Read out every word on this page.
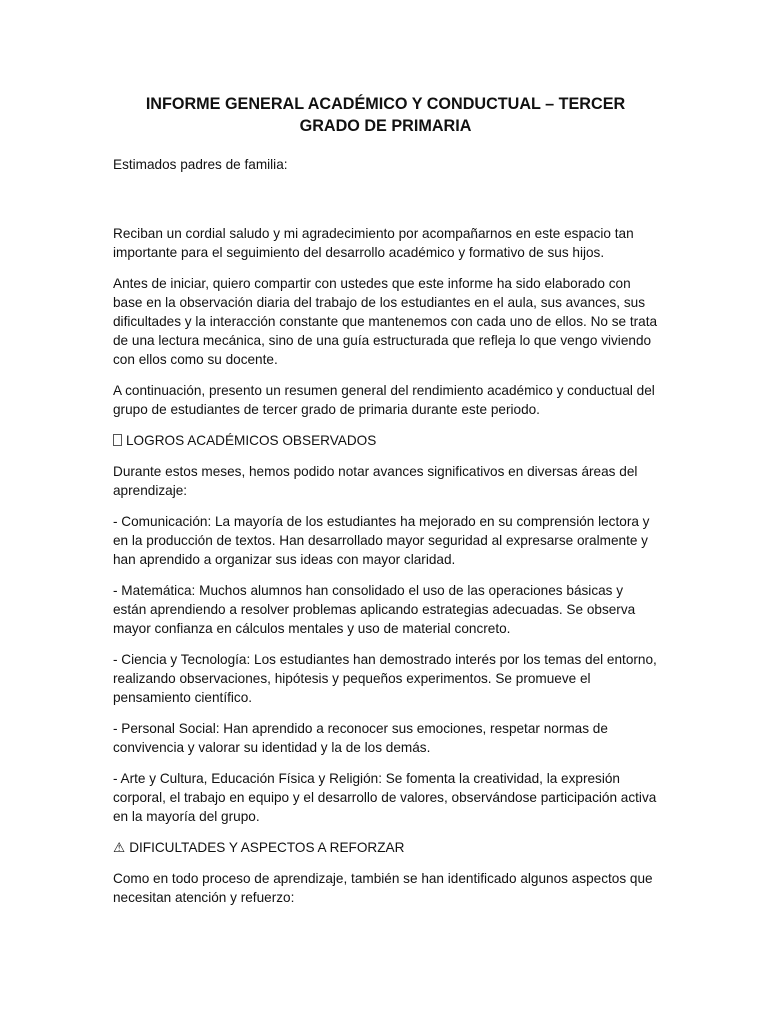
INFORME GENERAL ACADÉMICO Y CONDUCTUAL – TERCER GRADO DE PRIMARIA
Estimados padres de familia:
Reciban un cordial saludo y mi agradecimiento por acompañarnos en este espacio tan importante para el seguimiento del desarrollo académico y formativo de sus hijos.
Antes de iniciar, quiero compartir con ustedes que este informe ha sido elaborado con base en la observación diaria del trabajo de los estudiantes en el aula, sus avances, sus dificultades y la interacción constante que mantenemos con cada uno de ellos. No se trata de una lectura mecánica, sino de una guía estructurada que refleja lo que vengo viviendo con ellos como su docente.
A continuación, presento un resumen general del rendimiento académico y conductual del grupo de estudiantes de tercer grado de primaria durante este periodo.
LOGROS ACADÉMICOS OBSERVADOS
Durante estos meses, hemos podido notar avances significativos en diversas áreas del aprendizaje:
- Comunicación: La mayoría de los estudiantes ha mejorado en su comprensión lectora y en la producción de textos. Han desarrollado mayor seguridad al expresarse oralmente y han aprendido a organizar sus ideas con mayor claridad.
- Matemática: Muchos alumnos han consolidado el uso de las operaciones básicas y están aprendiendo a resolver problemas aplicando estrategias adecuadas. Se observa mayor confianza en cálculos mentales y uso de material concreto.
- Ciencia y Tecnología: Los estudiantes han demostrado interés por los temas del entorno, realizando observaciones, hipótesis y pequeños experimentos. Se promueve el pensamiento científico.
- Personal Social: Han aprendido a reconocer sus emociones, respetar normas de convivencia y valorar su identidad y la de los demás.
- Arte y Cultura, Educación Física y Religión: Se fomenta la creatividad, la expresión corporal, el trabajo en equipo y el desarrollo de valores, observándose participación activa en la mayoría del grupo.
⚠ DIFICULTADES Y ASPECTOS A REFORZAR
Como en todo proceso de aprendizaje, también se han identificado algunos aspectos que necesitan atención y refuerzo:
